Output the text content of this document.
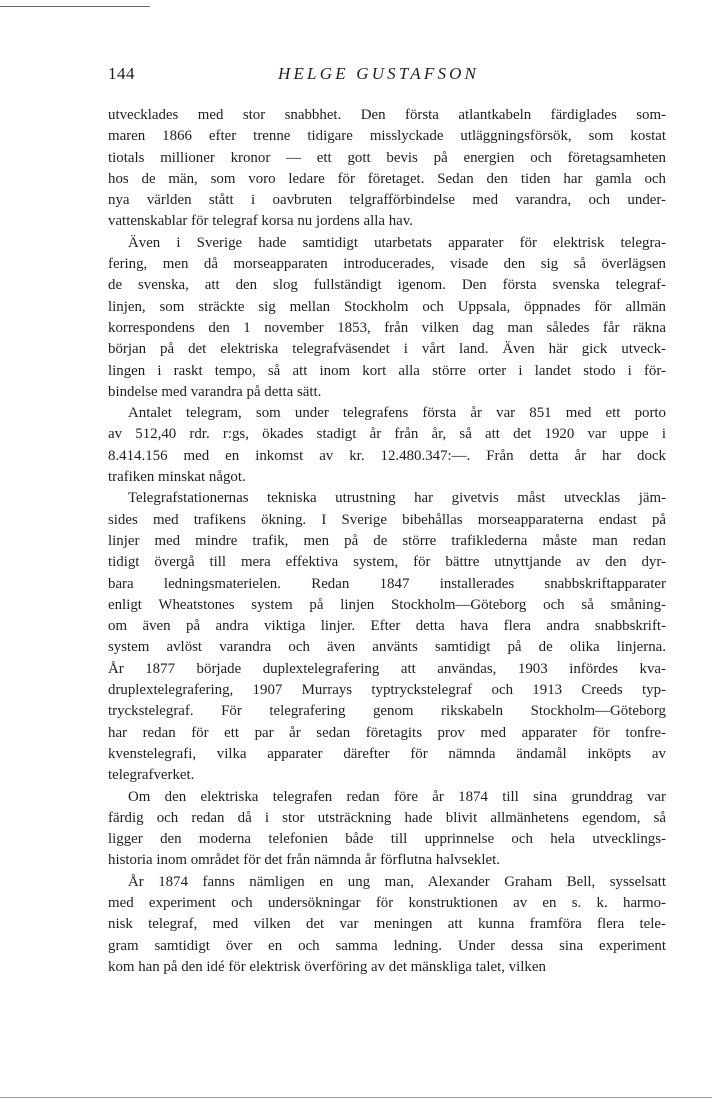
144	HELGE GUSTAFSON

utvecklades med stor snabbhet. Den första atlantkabeln färdiglades som-
maren 1866 efter trenne tidigare misslyckade utläggningsförsök, som kostat
tiotals millioner kronor — ett gott bevis på energien och företagsamheten
hos de män, som voro ledare för företaget. Sedan den tiden har gamla och
nya världen stått i oavbruten telgrafförbindelse med varandra, och under-
vattenskablar för telegraf korsa nu jordens alla hav.

Även i Sverige hade samtidigt utarbetats apparater för elektrisk telegra-
fering, men då morseapparaten introducerades, visade den sig så överlägsen
de svenska, att den slog fullständigt igenom. Den första svenska telegraf-
linjen, som sträckte sig mellan Stockholm och Uppsala, öppnades för allmän
korrespondens den 1 november 1853, från vilken dag man således får räkna
början på det elektriska telegrafväsendet i vårt land. Även här gick utveck-
lingen i raskt tempo, så att inom kort alla större orter i landet stodo i för-
bindelse med varandra på detta sätt.

Antalet telegram, som under telegrafens första år var 851 med ett porto
av 512,40 rdr. r:gs, ökades stadigt år från år, så att det 1920 var uppe i
8.414.156 med en inkomst av kr. 12.480.347:—. Från detta år har dock
trafiken minskat något.

Telegrafstationernas tekniska utrustning har givetvis måst utvecklas jäm-
sides med trafikens ökning. I Sverige bibehållas morseapparaterna endast på
linjer med mindre trafik, men på de större trafiklederna måste man redan
tidigt övergå till mera effektiva system, för bättre utnyttjande av den dyr-
bara ledningsmaterielen. Redan 1847 installerades snabbskriftapparater
enligt Wheatstones system på linjen Stockholm—Göteborg och så småning-
om även på andra viktiga linjer. Efter detta hava flera andra snabbskrift-
system avlöst varandra och även använts samtidigt på de olika linjerna.
År 1877 började duplextelegrafering att användas, 1903 infördes kva-
druplextelegrafering, 1907 Murrays typtryckstelegraf och 1913 Creeds typ-
tryckstelegraf. För telegrafering genom rikskabeln Stockholm—Göteborg
har redan för ett par år sedan företagits prov med apparater för tonfre-
kvenstelegrafi, vilka apparater därefter för nämnda ändamål inköpts av
telegrafverket.

Om den elektriska telegrafen redan före år 1874 till sina grunddrag var
färdig och redan då i stor utsträckning hade blivit allmänhetens egendom, så
ligger den moderna telefonien både till upprinnelse och hela utvecklings-
historia inom området för det från nämnda år förflutna halvseklet.

År 1874 fanns nämligen en ung man, Alexander Graham Bell, sysselsatt
med experiment och undersökningar för konstruktionen av en s. k. harmo-
nisk telegraf, med vilken det var meningen att kunna framföra flera tele-
gram samtidigt över en och samma ledning. Under dessa sina experiment
kom han på den idé för elektrisk överföring av det mänskliga talet, vilken
